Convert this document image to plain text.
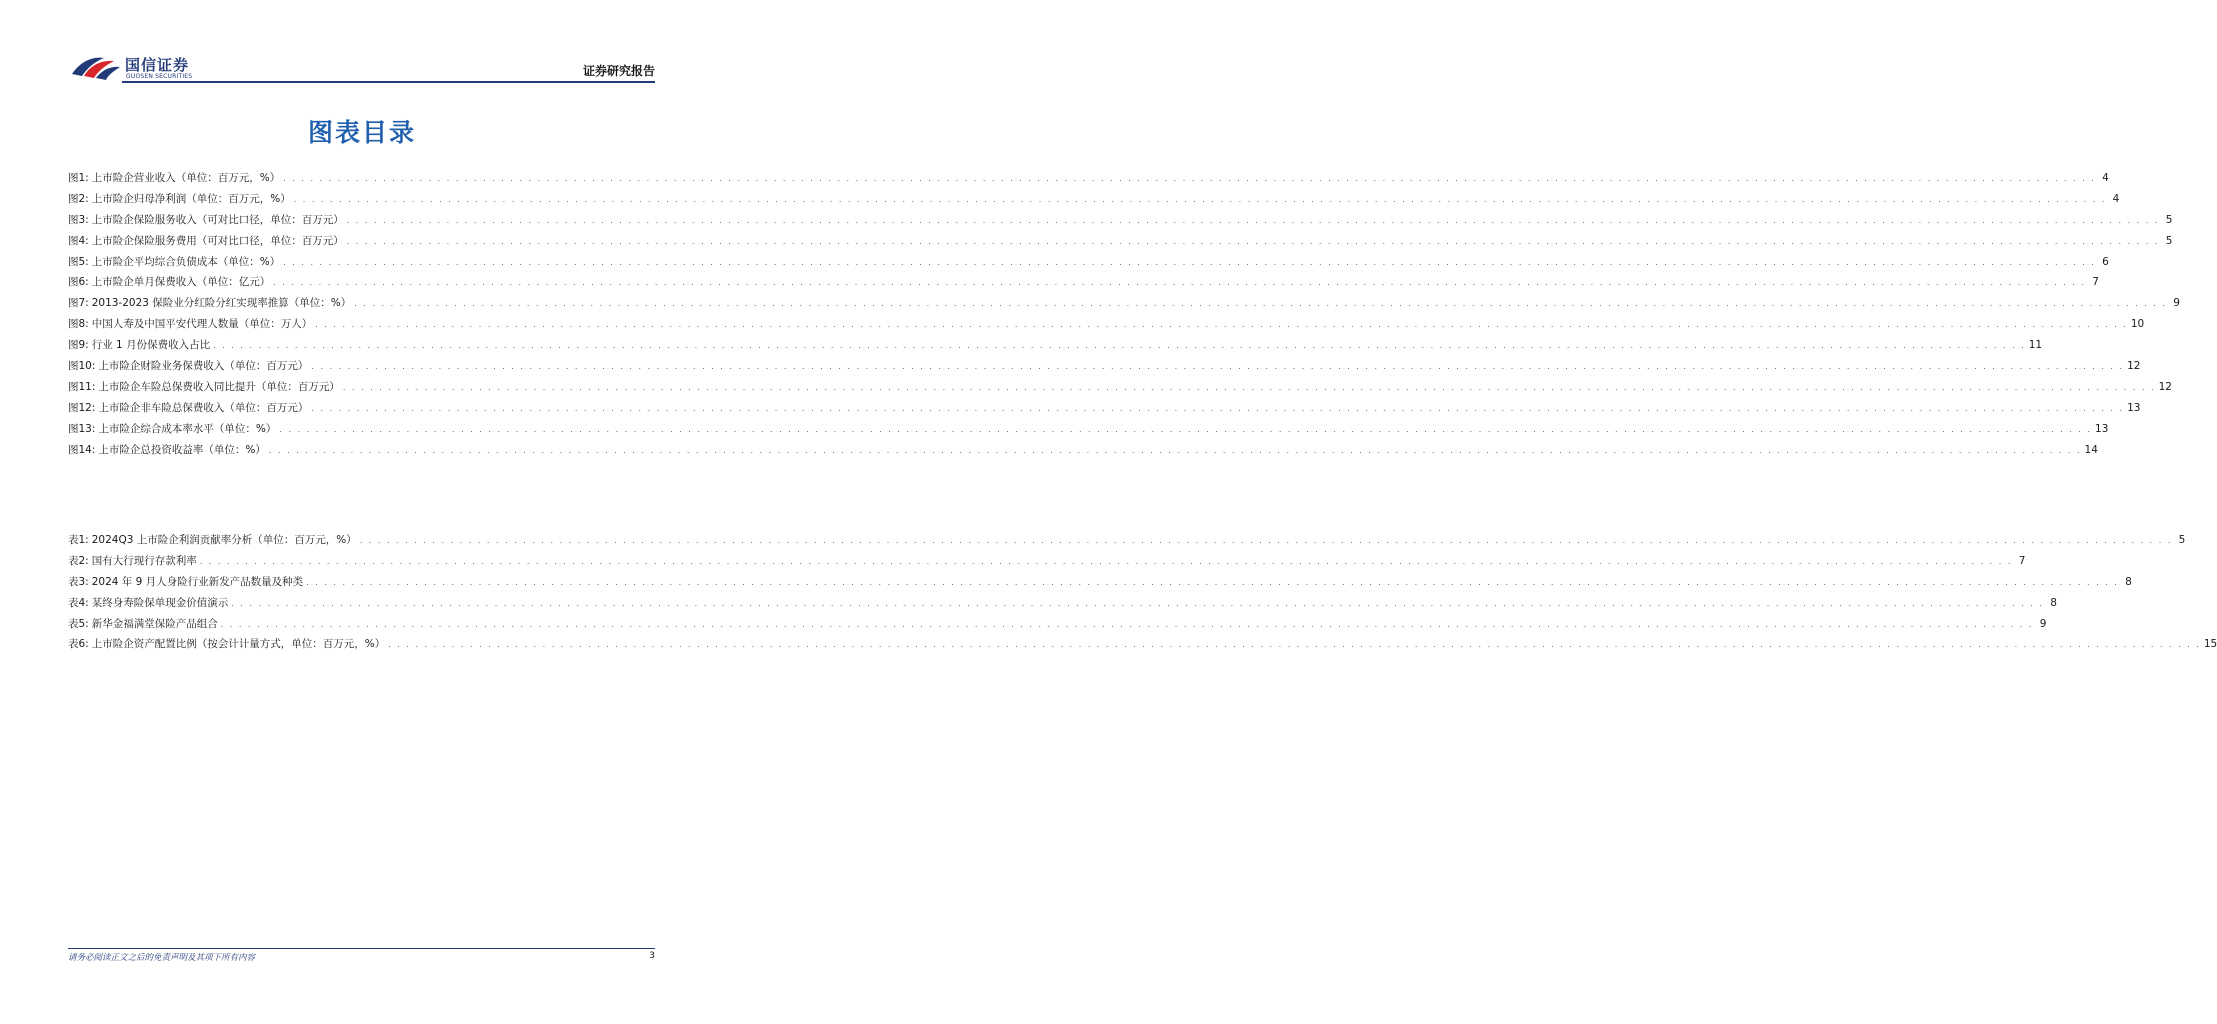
国信证券
GUOSEN SECURITIES	证券研究报告
图表目录
图1: 上市险企营业收入（单位：百万元，%） . . . . . . . . . . . . . . . . . . . . . . . . . . . . . . . . . . . . . . . . . . . . . . . . . . . . . . . . . . . . . . . . . . . . . . . . . . . . . . . . . . . . . . . . . . . . . . . . . . . . . . . . . . . . . . . . . . . . . . . . . . . . . . . . . . . . . . . . . . . . . . . . . . . . . . . . . . . . . . . . . . . . . . . . . . . . . . . . . . . . . . . . . . . . . . . . . . . . . . . . 4
图2: 上市险企归母净利润（单位：百万元，%） . . . . . . . . . . . . . . . . . . . . . . . . . . . . . . . . . . . . . . . . . . . . . . . . . . . . . . . . . . . . . . . . . . . . . . . . . . . . . . . . . . . . . . . . . . . . . . . . . . . . . . . . . . . . . . . . . . . . . . . . . . . . . . . . . . . . . . . . . . . . . . . . . . . . . . . . . . . . . . . . . . . . . . . . . . . . . . . . . . . . . . . . . . . . . . . . . . . . . . . . 4
图3: 上市险企保险服务收入（可对比口径，单位：百万元） . . . . . . . . . . . . . . . . . . . . . . . . . . . . . . . . . . . . . . . . . . . . . . . . . . . . . . . . . . . . . . . . . . . . . . . . . . . . . . . . . . . . . . . . . . . . . . . . . . . . . . . . . . . . . . . . . . . . . . . . . . . . . . . . . . . . . . . . . . . . . . . . . . . . . . . . . . . . . . . . . . . . . . . . . . . . . . . . . . . . . . . . . . . . . . . . . . . . . . . . 5
图4: 上市险企保险服务费用（可对比口径，单位：百万元） . . . . . . . . . . . . . . . . . . . . . . . . . . . . . . . . . . . . . . . . . . . . . . . . . . . . . . . . . . . . . . . . . . . . . . . . . . . . . . . . . . . . . . . . . . . . . . . . . . . . . . . . . . . . . . . . . . . . . . . . . . . . . . . . . . . . . . . . . . . . . . . . . . . . . . . . . . . . . . . . . . . . . . . . . . . . . . . . . . . . . . . . . . . . . . . . . . . . . . . . 5
图5: 上市险企平均综合负债成本（单位：%） . . . . . . . . . . . . . . . . . . . . . . . . . . . . . . . . . . . . . . . . . . . . . . . . . . . . . . . . . . . . . . . . . . . . . . . . . . . . . . . . . . . . . . . . . . . . . . . . . . . . . . . . . . . . . . . . . . . . . . . . . . . . . . . . . . . . . . . . . . . . . . . . . . . . . . . . . . . . . . . . . . . . . . . . . . . . . . . . . . . . . . . . . . . . . . . . . . . . . . . . 6
图6: 上市险企单月保费收入（单位：亿元） . . . . . . . . . . . . . . . . . . . . . . . . . . . . . . . . . . . . . . . . . . . . . . . . . . . . . . . . . . . . . . . . . . . . . . . . . . . . . . . . . . . . . . . . . . . . . . . . . . . . . . . . . . . . . . . . . . . . . . . . . . . . . . . . . . . . . . . . . . . . . . . . . . . . . . . . . . . . . . . . . . . . . . . . . . . . . . . . . . . . . . . . . . . . . . . . . . . . . . . . 7
图7: 2013-2023 保险业分红险分红实现率推算（单位：%） . . . . . . . . . . . . . . . . . . . . . . . . . . . . . . . . . . . . . . . . . . . . . . . . . . . . . . . . . . . . . . . . . . . . . . . . . . . . . . . . . . . . . . . . . . . . . . . . . . . . . . . . . . . . . . . . . . . . . . . . . . . . . . . . . . . . . . . . . . . . . . . . . . . . . . . . . . . . . . . . . . . . . . . . . . . . . . . . . . . . . . . . . . . . . . . . . . . . . . . . 9
图8: 中国人寿及中国平安代理人数量（单位：万人） . . . . . . . . . . . . . . . . . . . . . . . . . . . . . . . . . . . . . . . . . . . . . . . . . . . . . . . . . . . . . . . . . . . . . . . . . . . . . . . . . . . . . . . . . . . . . . . . . . . . . . . . . . . . . . . . . . . . . . . . . . . . . . . . . . . . . . . . . . . . . . . . . . . . . . . . . . . . . . . . . . . . . . . . . . . . . . . . . . . . . . . . . . . . . . . . . . . . . . . . 10
图9: 行业 1 月份保费收入占比 . . . . . . . . . . . . . . . . . . . . . . . . . . . . . . . . . . . . . . . . . . . . . . . . . . . . . . . . . . . . . . . . . . . . . . . . . . . . . . . . . . . . . . . . . . . . . . . . . . . . . . . . . . . . . . . . . . . . . . . . . . . . . . . . . . . . . . . . . . . . . . . . . . . . . . . . . . . . . . . . . . . . . . . . . . . . . . . . . . . . . . . . . . . . . . . . . . . . . . . . 11
图10: 上市险企财险业务保费收入（单位：百万元） . . . . . . . . . . . . . . . . . . . . . . . . . . . . . . . . . . . . . . . . . . . . . . . . . . . . . . . . . . . . . . . . . . . . . . . . . . . . . . . . . . . . . . . . . . . . . . . . . . . . . . . . . . . . . . . . . . . . . . . . . . . . . . . . . . . . . . . . . . . . . . . . . . . . . . . . . . . . . . . . . . . . . . . . . . . . . . . . . . . . . . . . . . . . . . . . . . . . . . . . 12
图11: 上市险企车险总保费收入同比提升（单位：百万元） . . . . . . . . . . . . . . . . . . . . . . . . . . . . . . . . . . . . . . . . . . . . . . . . . . . . . . . . . . . . . . . . . . . . . . . . . . . . . . . . . . . . . . . . . . . . . . . . . . . . . . . . . . . . . . . . . . . . . . . . . . . . . . . . . . . . . . . . . . . . . . . . . . . . . . . . . . . . . . . . . . . . . . . . . . . . . . . . . . . . . . . . . . . . . . . . . . . . . . . . 12
图12: 上市险企非车险总保费收入（单位：百万元） . . . . . . . . . . . . . . . . . . . . . . . . . . . . . . . . . . . . . . . . . . . . . . . . . . . . . . . . . . . . . . . . . . . . . . . . . . . . . . . . . . . . . . . . . . . . . . . . . . . . . . . . . . . . . . . . . . . . . . . . . . . . . . . . . . . . . . . . . . . . . . . . . . . . . . . . . . . . . . . . . . . . . . . . . . . . . . . . . . . . . . . . . . . . . . . . . . . . . . . . 13
图13: 上市险企综合成本率水平（单位：%） . . . . . . . . . . . . . . . . . . . . . . . . . . . . . . . . . . . . . . . . . . . . . . . . . . . . . . . . . . . . . . . . . . . . . . . . . . . . . . . . . . . . . . . . . . . . . . . . . . . . . . . . . . . . . . . . . . . . . . . . . . . . . . . . . . . . . . . . . . . . . . . . . . . . . . . . . . . . . . . . . . . . . . . . . . . . . . . . . . . . . . . . . . . . . . . . . . . . . . . . 13
图14: 上市险企总投资收益率（单位：%） . . . . . . . . . . . . . . . . . . . . . . . . . . . . . . . . . . . . . . . . . . . . . . . . . . . . . . . . . . . . . . . . . . . . . . . . . . . . . . . . . . . . . . . . . . . . . . . . . . . . . . . . . . . . . . . . . . . . . . . . . . . . . . . . . . . . . . . . . . . . . . . . . . . . . . . . . . . . . . . . . . . . . . . . . . . . . . . . . . . . . . . . . . . . . . . . . . . . . . . . 14
表1: 2024Q3 上市险企利润贡献率分析（单位：百万元，%） . . . . . . . . . . . . . . . . . . . . . . . . . . . . . . . . . . . . . . . . . . . . . . . . . . . . . . . . . . . . . . . . . . . . . . . . . . . . . . . . . . . . . . . . . . . . . . . . . . . . . . . . . . . . . . . . . . . . . . . . . . . . . . . . . . . . . . . . . . . . . . . . . . . . . . . . . . . . . . . . . . . . . . . . . . . . . . . . . . . . . . . . . . . . . . . . . . . . . . . . 5
表2: 国有大行现行存款利率 . . . . . . . . . . . . . . . . . . . . . . . . . . . . . . . . . . . . . . . . . . . . . . . . . . . . . . . . . . . . . . . . . . . . . . . . . . . . . . . . . . . . . . . . . . . . . . . . . . . . . . . . . . . . . . . . . . . . . . . . . . . . . . . . . . . . . . . . . . . . . . . . . . . . . . . . . . . . . . . . . . . . . . . . . . . . . . . . . . . . . . . . . . . . . . . . . . . . . . . . 7
表3: 2024 年 9 月人身险行业新发产品数量及种类 . . . . . . . . . . . . . . . . . . . . . . . . . . . . . . . . . . . . . . . . . . . . . . . . . . . . . . . . . . . . . . . . . . . . . . . . . . . . . . . . . . . . . . . . . . . . . . . . . . . . . . . . . . . . . . . . . . . . . . . . . . . . . . . . . . . . . . . . . . . . . . . . . . . . . . . . . . . . . . . . . . . . . . . . . . . . . . . . . . . . . . . . . . . . . . . . . . . . . . . . 8
表4: 某终身寿险保单现金价值演示 . . . . . . . . . . . . . . . . . . . . . . . . . . . . . . . . . . . . . . . . . . . . . . . . . . . . . . . . . . . . . . . . . . . . . . . . . . . . . . . . . . . . . . . . . . . . . . . . . . . . . . . . . . . . . . . . . . . . . . . . . . . . . . . . . . . . . . . . . . . . . . . . . . . . . . . . . . . . . . . . . . . . . . . . . . . . . . . . . . . . . . . . . . . . . . . . . . . . . . . . 8
表5: 新华金福满堂保险产品组合 . . . . . . . . . . . . . . . . . . . . . . . . . . . . . . . . . . . . . . . . . . . . . . . . . . . . . . . . . . . . . . . . . . . . . . . . . . . . . . . . . . . . . . . . . . . . . . . . . . . . . . . . . . . . . . . . . . . . . . . . . . . . . . . . . . . . . . . . . . . . . . . . . . . . . . . . . . . . . . . . . . . . . . . . . . . . . . . . . . . . . . . . . . . . . . . . . . . . . . . . 9
表6: 上市险企资产配置比例（按会计计量方式，单位：百万元，%） . . . . . . . . . . . . . . . . . . . . . . . . . . . . . . . . . . . . . . . . . . . . . . . . . . . . . . . . . . . . . . . . . . . . . . . . . . . . . . . . . . . . . . . . . . . . . . . . . . . . . . . . . . . . . . . . . . . . . . . . . . . . . . . . . . . . . . . . . . . . . . . . . . . . . . . . . . . . . . . . . . . . . . . . . . . . . . . . . . . . . . . . . . . . . . . . . . . . . . . . 15
请务必阅读正文之后的免责声明及其项下所有内容	3
